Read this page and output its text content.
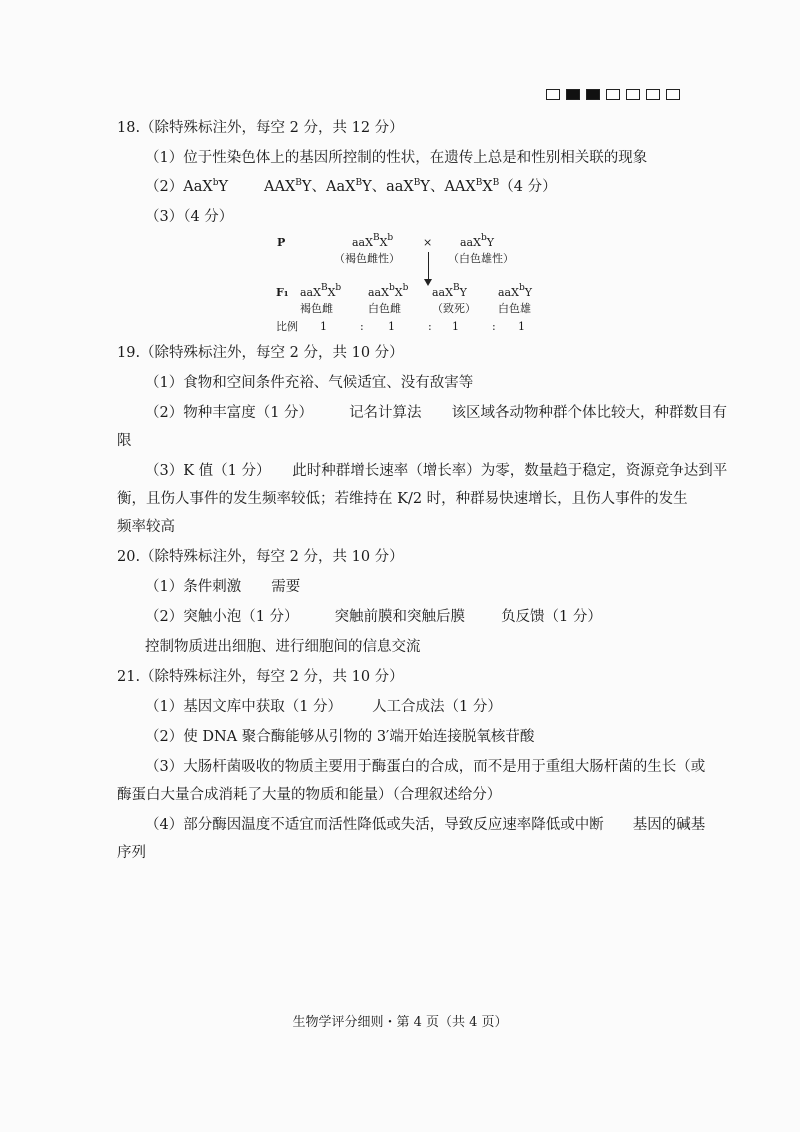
18.（除特殊标注外，每空 2 分，共 12 分）
（1）位于性染色体上的基因所控制的性状，在遗传上总是和性别相关联的现象
（2）AaX$^b$Y $AAX^BY$、AaX$^B$Y、aaX$^B$Y、$AAX^BX^B(4$ 分）
（3）（4 分）
P	$aaX^BX^b$	×	aaX$^b$Y
（褐色雌性）	（白色雄性）
F₁ $aaX^BX^b$	$aaX^bX^b$	aaX$^B$Y	aaX$^b$Y
褐色雌	白色雌	（致死）	白色雄
比例 1	: 1	: 1	: 1
19.（除特殊标注外，每空 2 分，共 10 分）
（1）食物和空间条件充裕、气候适宜、没有敌害等
（2）物种丰富度（1 分） 记名计算法 该区域各动物种群个体比较大，种群数目有
限
（3）K 值（1 分）　　此时种群增长速率（增长率）为零，数量趋于稳定，资源竞争达到平
衡，且伤人事件的发生频率较低；若维持在 K/2 时，种群易快速增长，且伤人事件的发生
频率较高
20.（除特殊标注外，每空 2 分，共 10 分）
（1）条件刺激 需要
（2）突触小泡（1 分） 突触前膜和突触后膜 负反馈（1 分）
控制物质进出细胞、进行细胞间的信息交流
21.（除特殊标注外，每空 2 分，共 10 分）
（1）基因文库中获取（1 分） 人工合成法（1 分）
（2）使 DNA 聚合酶能够从引物的 3′端开始连接脱氧核苷酸
（3）大肠杆菌吸收的物质主要用于酶蛋白的合成，而不是用于重组大肠杆菌的生长（或
酶蛋白大量合成消耗了大量的物质和能量）（合理叙述给分）
（4）部分酶因温度不适宜而活性降低或失活，导致反应速率降低或中断　　基因的碱基
序列
生物学评分细则・第 4 页（共 4 页）
